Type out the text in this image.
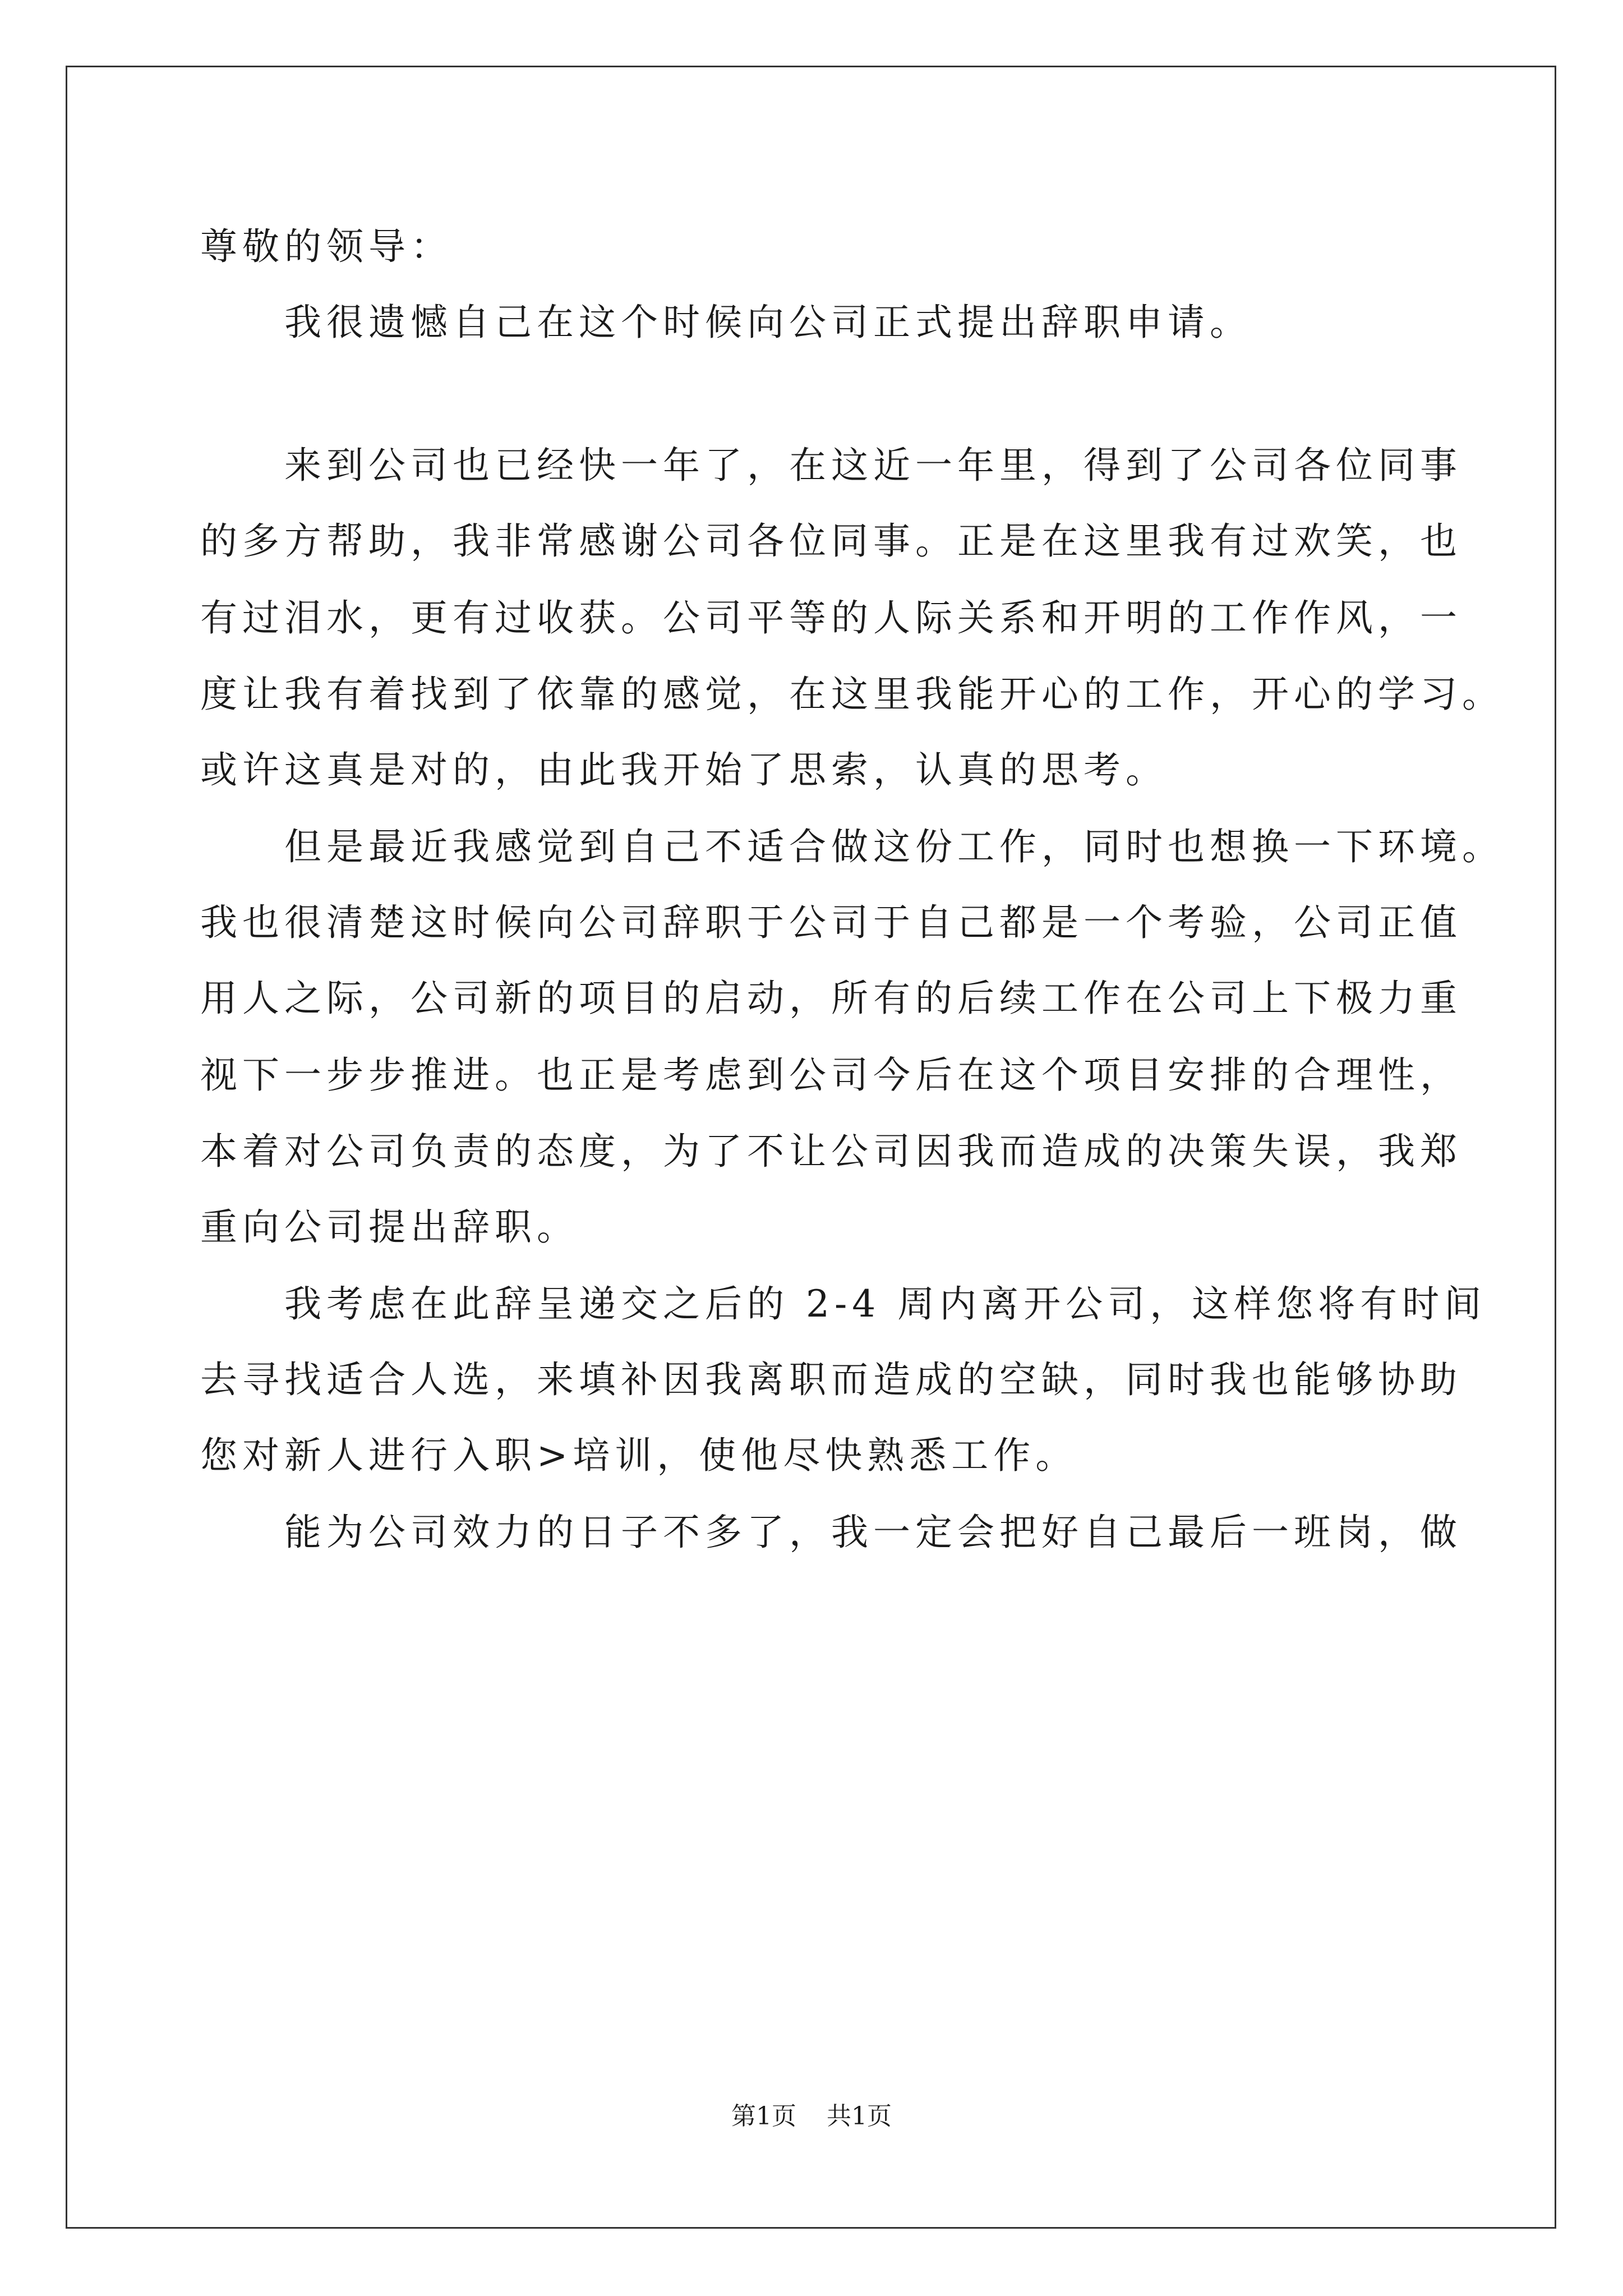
尊敬的领导：
我很遗憾自己在这个时候向公司正式提出辞职申请。
来到公司也已经快一年了，在这近一年里，得到了公司各位同事
的多方帮助，我非常感谢公司各位同事。正是在这里我有过欢笑，也
有过泪水，更有过收获。公司平等的人际关系和开明的工作作风，一
度让我有着找到了依靠的感觉，在这里我能开心的工作，开心的学习。
或许这真是对的，由此我开始了思索，认真的思考。
但是最近我感觉到自己不适合做这份工作，同时也想换一下环境。
我也很清楚这时候向公司辞职于公司于自己都是一个考验，公司正值
用人之际，公司新的项目的启动，所有的后续工作在公司上下极力重
视下一步步推进。也正是考虑到公司今后在这个项目安排的合理性，
本着对公司负责的态度，为了不让公司因我而造成的决策失误，我郑
重向公司提出辞职。
我考虑在此辞呈递交之后的 2-4 周内离开公司，这样您将有时间
去寻找适合人选，来填补因我离职而造成的空缺，同时我也能够协助
您对新人进行入职>培训，使他尽快熟悉工作。
能为公司效力的日子不多了，我一定会把好自己最后一班岗，做
第1页 共1页
